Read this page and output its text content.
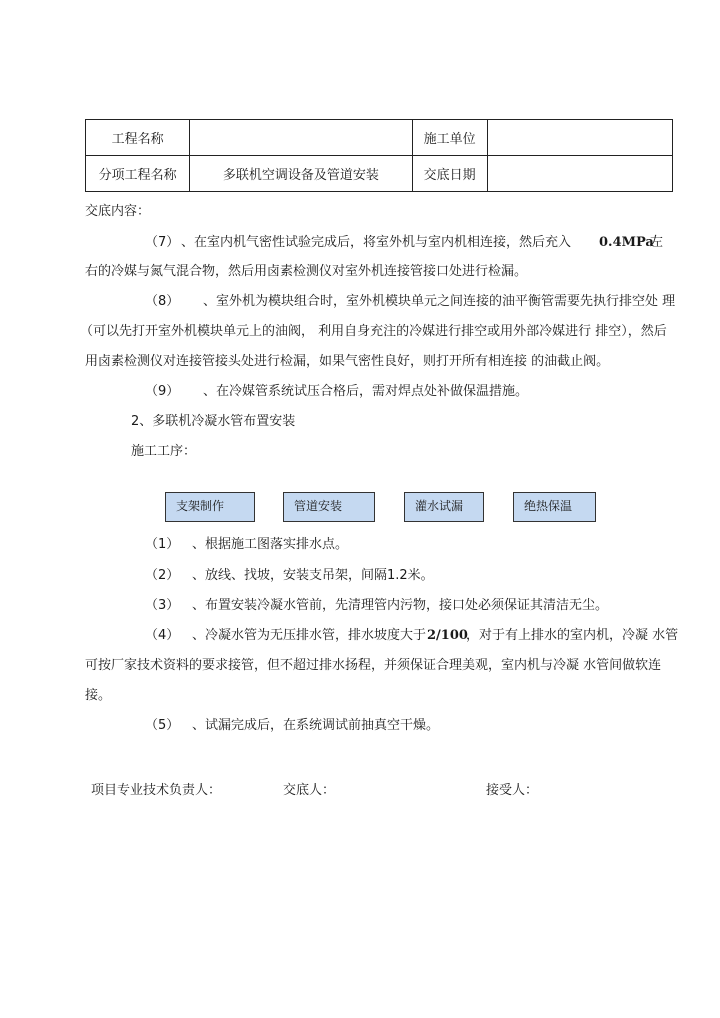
工程名称		施工单位	
分项工程名称	多联机空调设备及管道安装	交底日期	
交底内容：
（7） 、在室内机气密性试验完成后，将室外机与室内机相连接，然后充入 0.4MPa
左
右的冷媒与氮气混合物，然后用卤素检测仪对室外机连接管接口处进行检漏。
（8） 、室外机为模块组合时，室外机模块单元之间连接的油平衡管需要先执行排空处 理
（可以先打开室外机模块单元上的油阀， 利用自身充注的冷媒进行排空或用外部冷媒进行 排空），然后
用卤素检测仪对连接管接头处进行检漏，如果气密性良好，则打开所有相连接 的油截止阀。
（9） 、在冷媒管系统试压合格后，需对焊点处补做保温措施。
2、多联机冷凝水管布置安装
施工工序：
支架制作	管道安装	灌水试漏	绝热保温
（1） 、根据施工图落实排水点。
（2） 、放线、找坡，安装支吊架，间隔1.2米。
（3） 、布置安装冷凝水管前，先清理管内污物，接口处必须保证其清洁无尘。
（4） 、冷凝水管为无压排水管，排水坡度大于 2/100
，对于有上排水的室内机，冷凝 水管
可按厂家技术资料的要求接管，但不超过排水扬程，并须保证合理美观，室内机与冷凝 水管间做软连
接。
（5） 、试漏完成后，在系统调试前抽真空干燥。
项目专业技术负责人：	交底人：	接受人：
